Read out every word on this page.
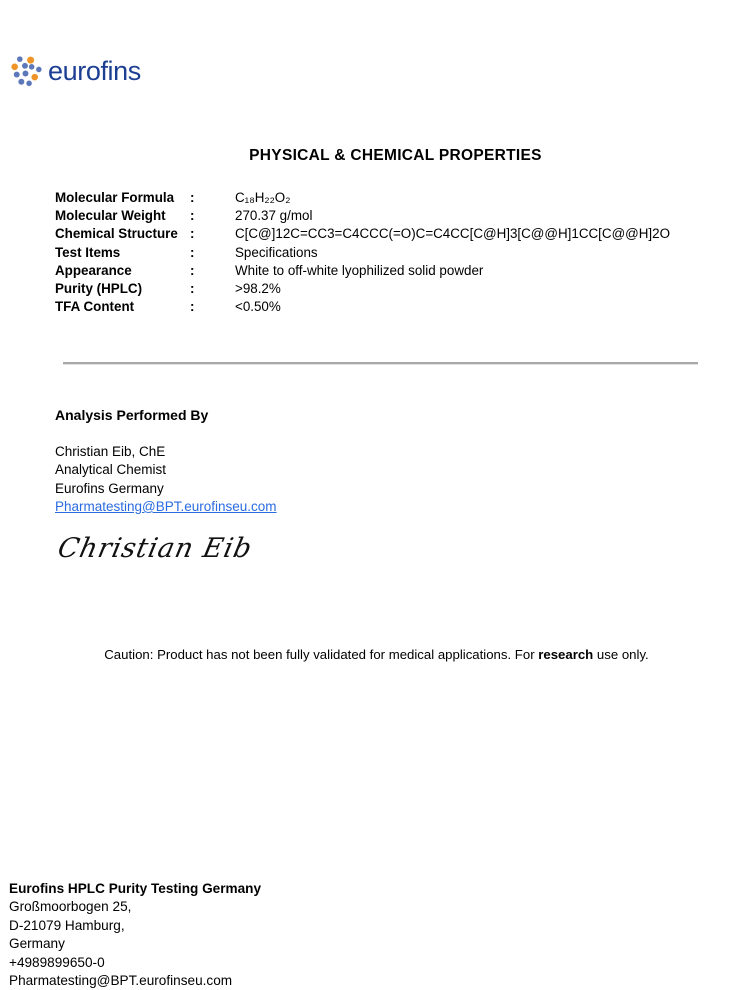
eurofins
PHYSICAL & CHEMICAL PROPERTIES
Molecular Formula	:	C₁₈H₂₂O₂
Molecular Weight	:	270.37 g/mol
Chemical Structure :	C[C@]12C=CC3=C4CCC(=O)C=C4CC[C@H]3[C@@H]1CC[C@@H]2O
Test Items	:	Specifications
Appearance	:	White to off-white lyophilized solid powder
Purity (HPLC)	:	>98.2%
TFA Content	:	<0.50%
Analysis Performed By
Christian Eib, ChE
Analytical Chemist
Eurofins Germany
Pharmatesting@BPT.eurofinseu.com
Christian Eib

Caution: Product has not been fully validated for medical applications. For research use only.

Eurofins HPLC Purity Testing Germany
Großmoorbogen 25,
D-21079 Hamburg,
Germany
+4989899650-0
Pharmatesting@BPT.eurofinseu.com
